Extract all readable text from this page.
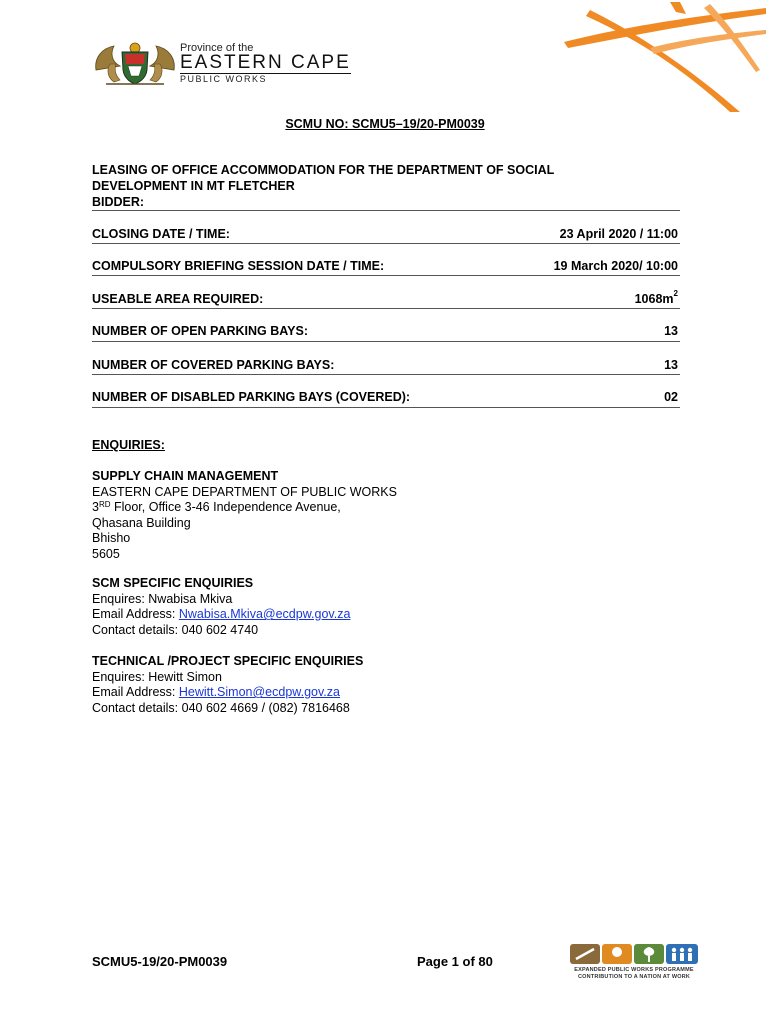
Province of the
EASTERN CAPE
PUBLIC WORKS
SCMU NO: SCMU5–19/20-PM0039
LEASING OF OFFICE ACCOMMODATION FOR THE DEPARTMENT OF SOCIAL
DEVELOPMENT IN MT FLETCHER
BIDDER:
CLOSING DATE / TIME:	23 April 2020 / 11:00
COMPULSORY BRIEFING SESSION DATE / TIME:	19 March 2020/ 10:00
USEABLE AREA REQUIRED:	$1068m^2$
NUMBER OF OPEN PARKING BAYS:	13
NUMBER OF COVERED PARKING BAYS:	13
NUMBER OF DISABLED PARKING BAYS (COVERED):	02
ENQUIRIES:
SUPPLY CHAIN MANAGEMENT
EASTERN CAPE DEPARTMENT OF PUBLIC WORKS
3RD Floor, Office 3-46 Independence Avenue,
Qhasana Building
Bhisho
5605
SCM SPECIFIC ENQUIRIES
Enquires: Nwabisa Mkiva
Email Address: Nwabisa.Mkiva@ecdpw.gov.za
Contact details: 040 602 4740
TECHNICAL /PROJECT SPECIFIC ENQUIRIES
Enquires: Hewitt Simon
Email Address: Hewitt.Simon@ecdpw.gov.za
Contact details: 040 602 4669 / (082) 7816468
SCMU5-19/20-PM0039	Page 1 of 80
EXPANDED PUBLIC WORKS PROGRAMME
CONTRIBUTION TO A NATION AT WORK
